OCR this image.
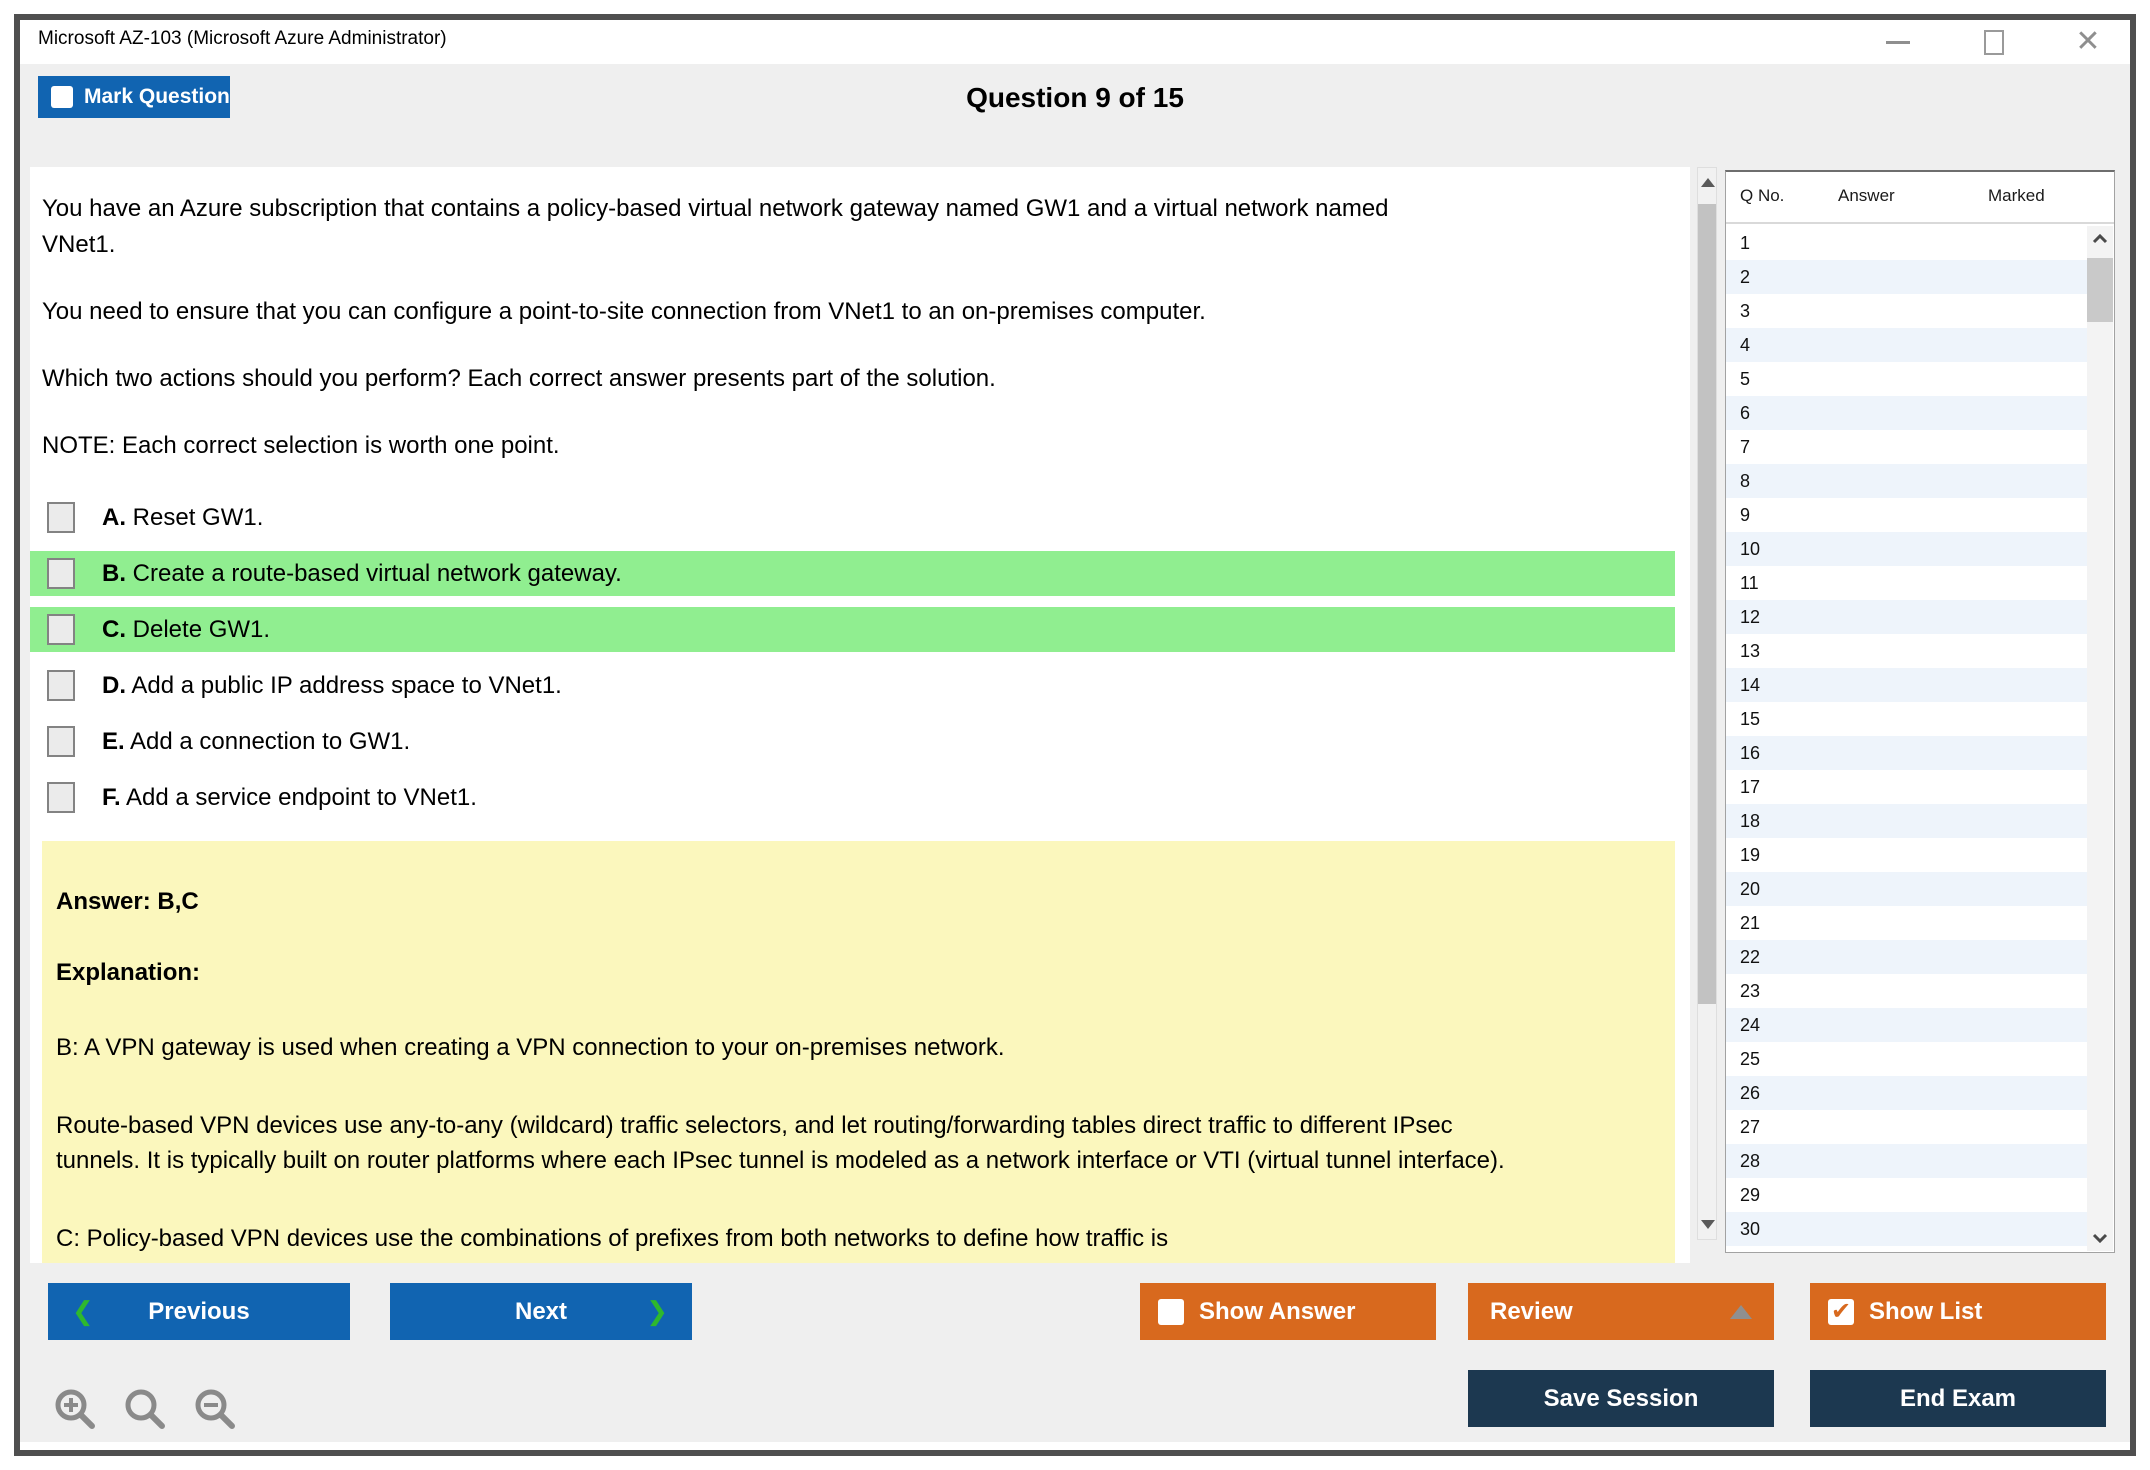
Microsoft AZ-103 (Microsoft Azure Administrator)	✕
Mark Question	Question 9 of 15

You have an Azure subscription that contains a policy-based virtual network gateway named GW1 and a virtual network named VNet1.

You need to ensure that you can configure a point-to-site connection from VNet1 to an on-premises computer.

Which two actions should you perform? Each correct answer presents part of the solution.

NOTE: Each correct selection is worth one point.

A. Reset GW1.
B. Create a route-based virtual network gateway.
C. Delete GW1.
D. Add a public IP address space to VNet1.
E. Add a connection to GW1.
F. Add a service endpoint to VNet1.
Answer: B,C
Explanation:

B: A VPN gateway is used when creating a VPN connection to your on-premises network.

Route-based VPN devices use any-to-any (wildcard) traffic selectors, and let routing/forwarding tables direct traffic to different IPsec tunnels. It is typically built on router platforms where each IPsec tunnel is modeled as a network interface or VTI (virtual tunnel interface).

C: Policy-based VPN devices use the combinations of prefixes from both networks to define how traffic is

Q No.	Answer	Marked
1
2
3
4
5
6
7
8
9
10
11
12
13
14
15
16
17
18
19
20
21
22
23
24
25
26
27
28
29
30
❮	Previous	Next	❯	Show Answer	Review	✔ Show List
Save Session	End Exam
